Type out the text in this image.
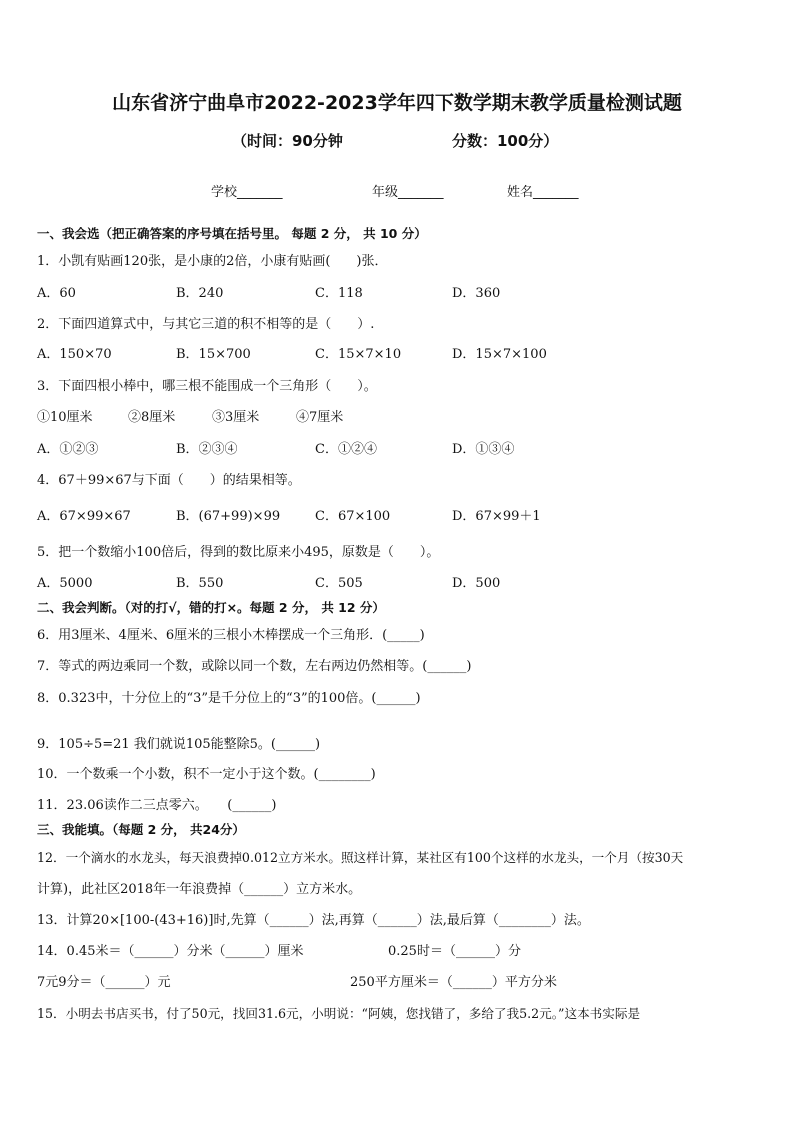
山东省济宁曲阜市2022-2023学年四下数学期末教学质量检测试题
（时间：90分钟	分数：100分）
学校_______	年级_______	姓名_______
一、我会选（把正确答案的序号填在括号里。 每题 2 分， 共 10 分）
1．小凯有贴画120张，是小康的2倍，小康有贴画(　　)张．
A．60	B．240	C．118	D．360
2．下面四道算式中，与其它三道的积不相等的是（　　）.
A．150×70	B．15×700	C．15×7×10	D．15×7×100
3．下面四根小棒中，哪三根不能围成一个三角形（　　）。
①10厘米	②8厘米	③3厘米	④7厘米
A．①②③	B．②③④	C．①②④	D．①③④
4．67＋99×67与下面（　　）的结果相等。
A．67×99×67	B．(67+99)×99	C．67×100	D．67×99＋1
5．把一个数缩小100倍后，得到的数比原来小495，原数是（　　）。
A．5000	B．550	C．505	D．500
二、我会判断。（对的打√，错的打×。每题 2 分， 共 12 分）
6．用3厘米、4厘米、6厘米的三根小木棒摆成一个三角形．(_____)
7．等式的两边乘同一个数，或除以同一个数，左右两边仍然相等。(______)
8．0.323中，十分位上的“3”是千分位上的“3”的100倍。(______)
9．105÷5=21 我们就说105能整除5。(______)
10．一个数乘一个小数，积不一定小于这个数。(________)
11．23.06读作二三点零六。　　(______)
三、我能填。（每题 2 分， 共24分）
12．一个滴水的水龙头，每天浪费掉0.012立方米水。照这样计算，某社区有100个这样的水龙头，一个月（按30天
计算)，此社区2018年一年浪费掉（______）立方米水。
13．计算20×[100-(43+16)]时,先算（______）法,再算（______）法,最后算（________）法。
14．0.45米＝（______）分米（______）厘米	0.25时＝（______）分
7元9分＝（______）元	250平方厘米＝（______）平方分米
15．小明去书店买书，付了50元，找回31.6元，小明说：“阿姨，您找错了，多给了我5.2元。”这本书实际是
